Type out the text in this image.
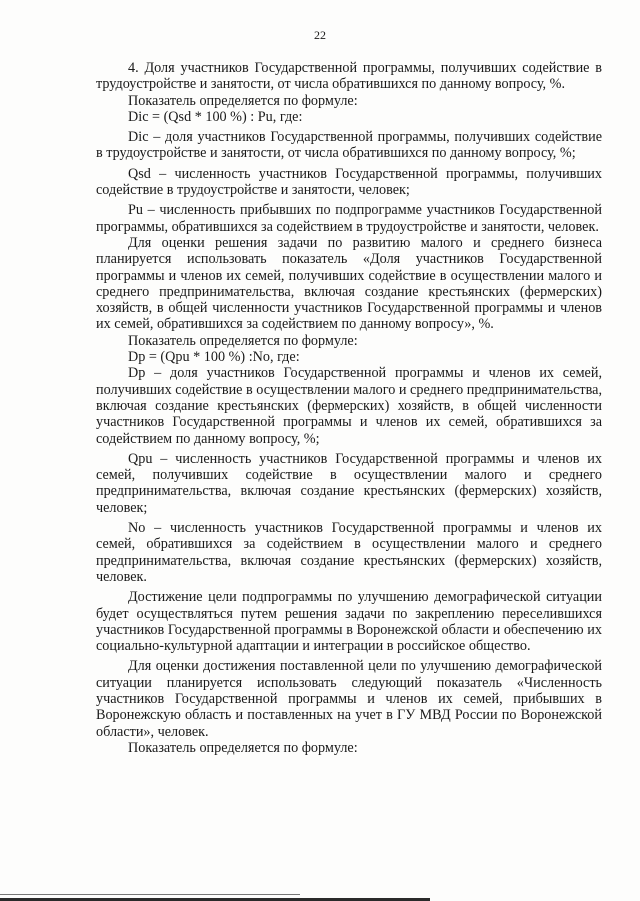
22

4. Доля участников Государственной программы, получивших содействие в трудоустройстве и занятости, от числа обратившихся по данному вопросу, %.

Показатель определяется по формуле:

Dic = (Qsd * 100 %) : Pu, где:

Dic – доля участников Государственной программы, получивших содействие в трудоустройстве и занятости, от числа обратившихся по данному вопросу, %;

Qsd – численность участников Государственной программы, получивших содействие в трудоустройстве и занятости, человек;

Pu – численность прибывших по подпрограмме участников Государственной программы, обратившихся за содействием в трудоустройстве и занятости, человек.

Для оценки решения задачи по развитию малого и среднего бизнеса планируется использовать показатель «Доля участников Государственной программы и членов их семей, получивших содействие в осуществлении малого и среднего предпринимательства, включая создание крестьянских (фермерских) хозяйств, в общей численности участников Государственной программы и членов их семей, обратившихся за содействием по данному вопросу», %.

Показатель определяется по формуле:

Dp = (Qpu * 100 %) :No, где:

Dp – доля участников Государственной программы и членов их семей, получивших содействие в осуществлении малого и среднего предпринимательства, включая создание крестьянских (фермерских) хозяйств, в общей численности участников Государственной программы и членов их семей, обратившихся за содействием по данному вопросу, %;

Qpu – численность участников Государственной программы и членов их семей, получивших содействие в осуществлении малого и среднего предпринимательства, включая создание крестьянских (фермерских) хозяйств, человек;

No – численность участников Государственной программы и членов их семей, обратившихся за содействием в осуществлении малого и среднего предпринимательства, включая создание крестьянских (фермерских) хозяйств, человек.

Достижение цели подпрограммы по улучшению демографической ситуации будет осуществляться путем решения задачи по закреплению переселившихся участников Государственной программы в Воронежской области и обеспечению их социально-культурной адаптации и интеграции в российское общество.

Для оценки достижения поставленной цели по улучшению демографической ситуации планируется использовать следующий показатель «Численность участников Государственной программы и членов их семей, прибывших в Воронежскую область и поставленных на учет в ГУ МВД России по Воронежской области», человек.

Показатель определяется по формуле:
